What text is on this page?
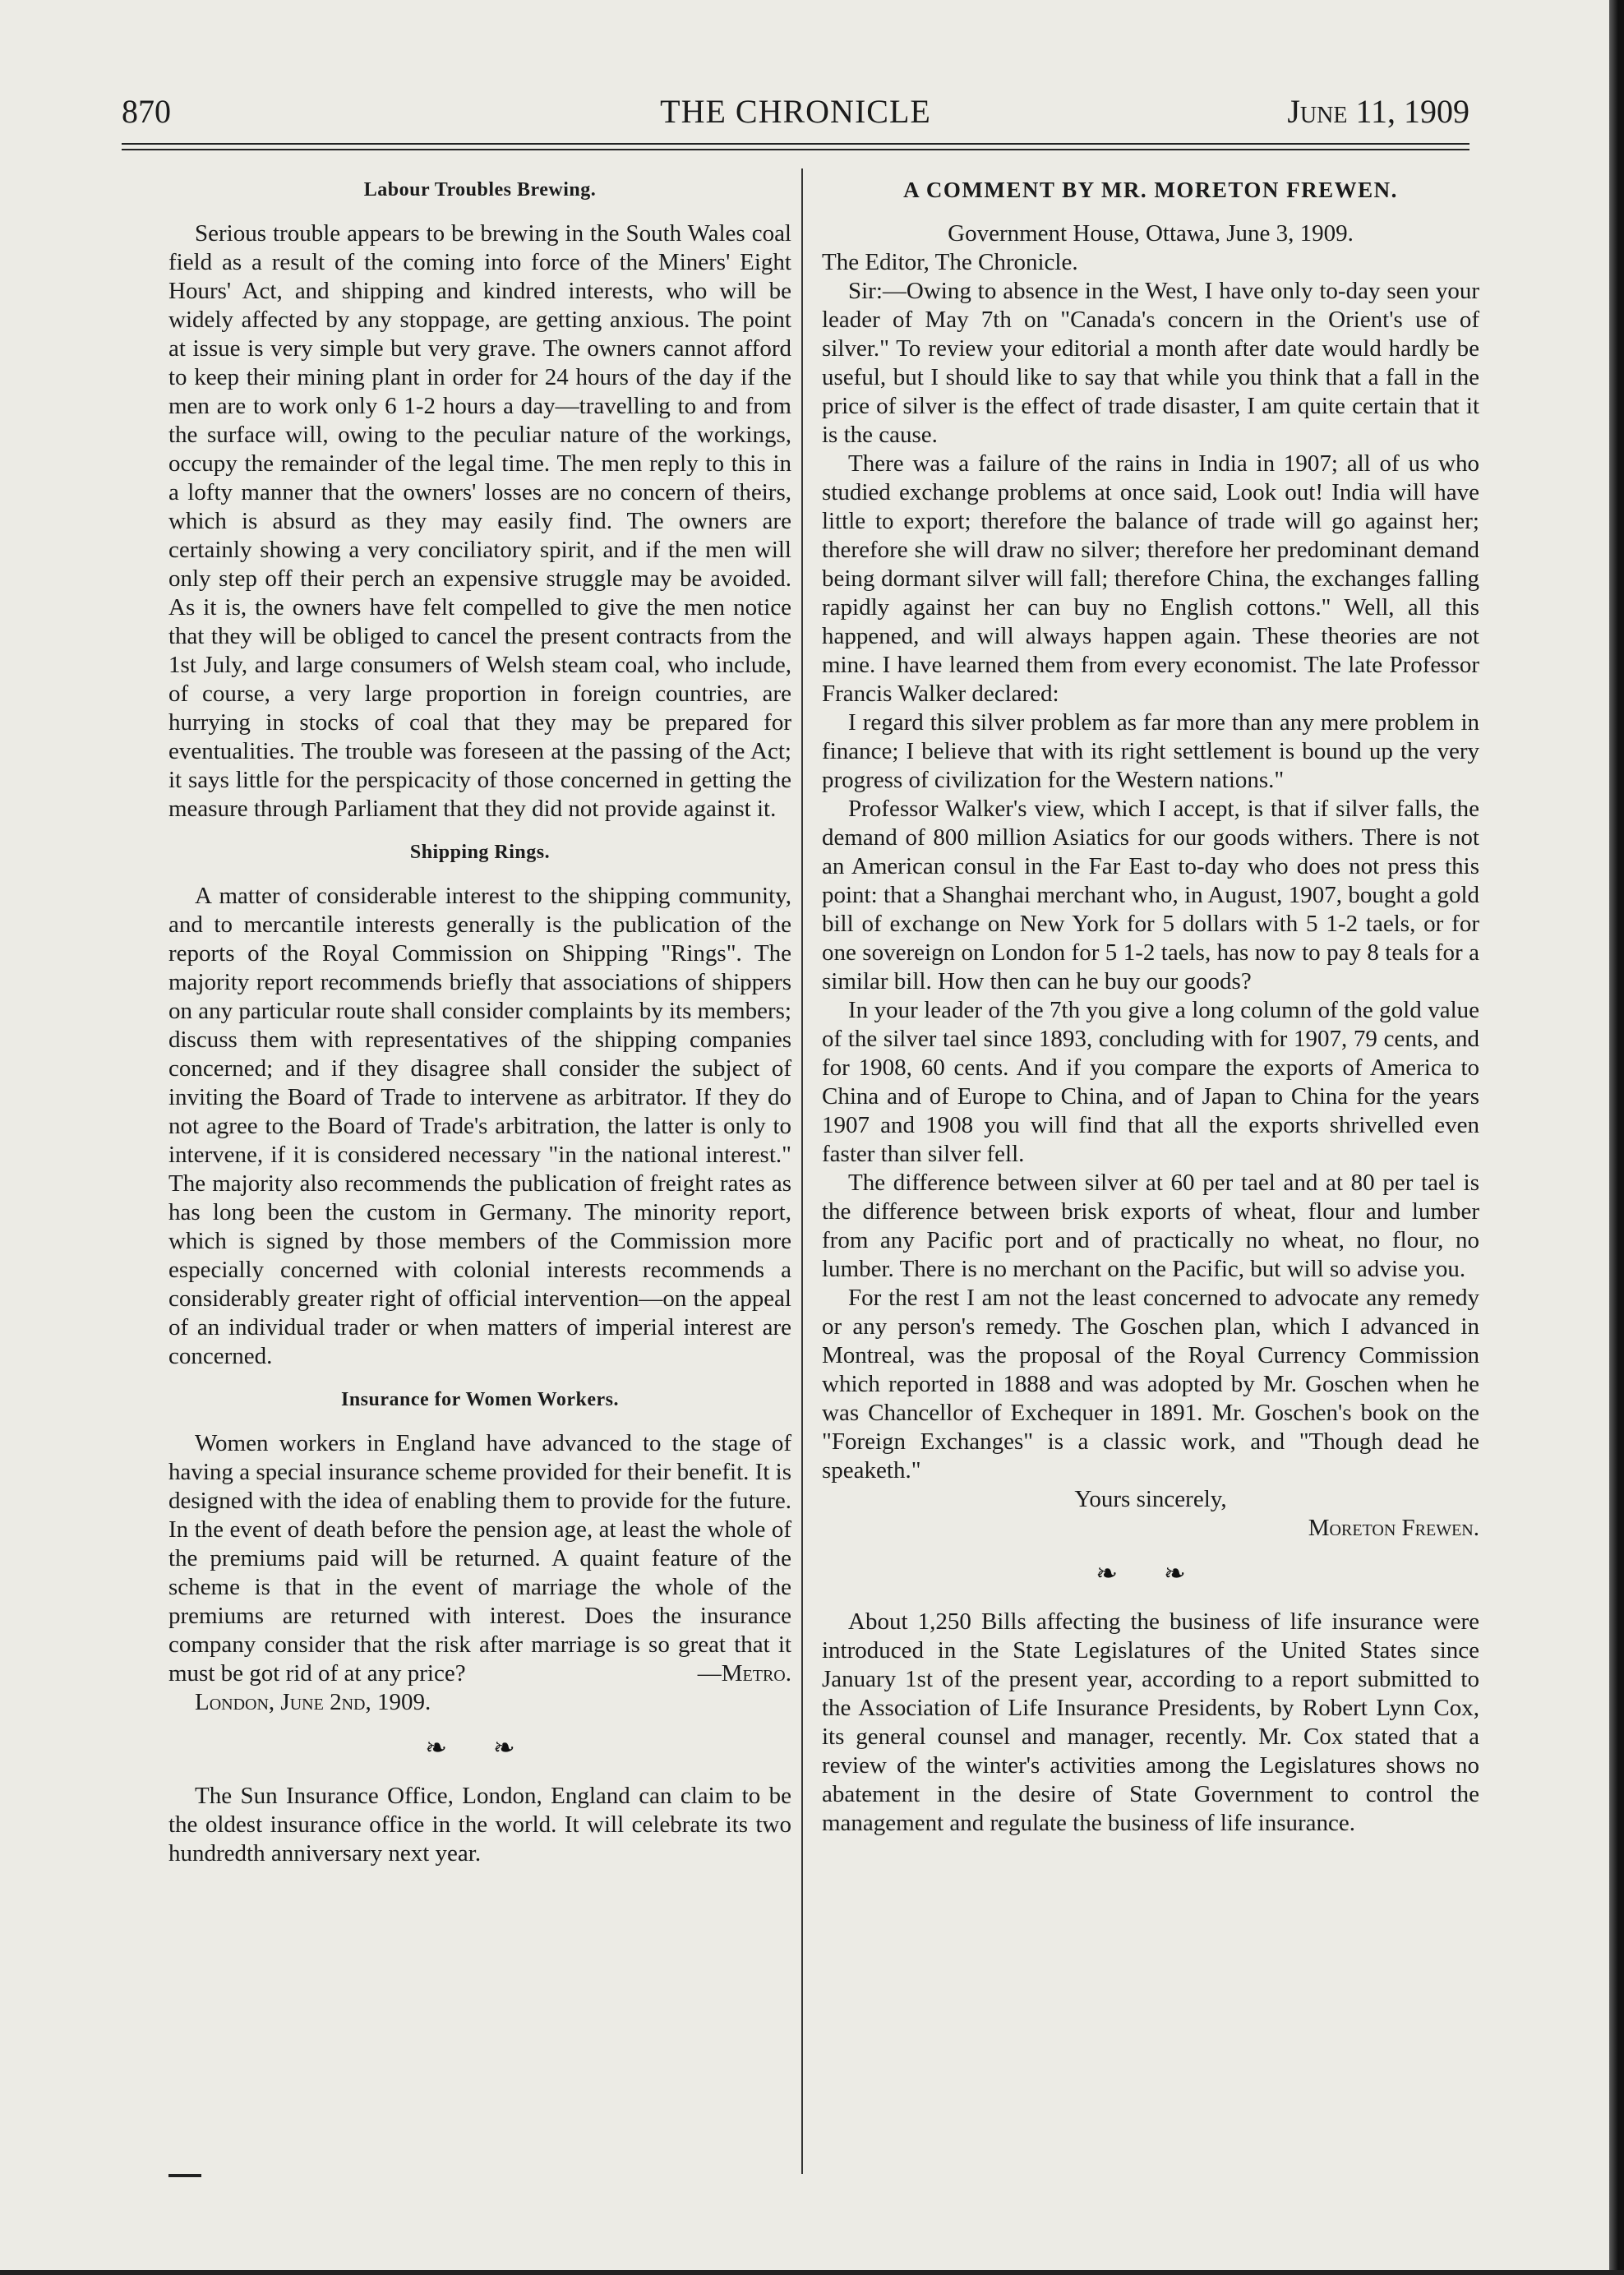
870	THE CHRONICLE	June 11, 1909
Labour Troubles Brewing.

Serious trouble appears to be brewing in the South Wales coal field as a result of the coming into force of the Miners' Eight Hours' Act, and shipping and kindred interests, who will be widely affected by any stoppage, are getting anxious. The point at issue is very simple but very grave. The owners cannot afford to keep their mining plant in order for 24 hours of the day if the men are to work only 6 1-2 hours a day—travelling to and from the surface will, owing to the peculiar nature of the workings, occupy the remainder of the legal time. The men reply to this in a lofty manner that the owners' losses are no concern of theirs, which is absurd as they may easily find. The owners are certainly showing a very conciliatory spirit, and if the men will only step off their perch an expensive struggle may be avoided. As it is, the owners have felt compelled to give the men notice that they will be obliged to cancel the present contracts from the 1st July, and large consumers of Welsh steam coal, who include, of course, a very large proportion in foreign countries, are hurrying in stocks of coal that they may be prepared for eventualities. The trouble was foreseen at the passing of the Act; it says little for the perspicacity of those concerned in getting the measure through Parliament that they did not provide against it.

Shipping Rings.

A matter of considerable interest to the shipping community, and to mercantile interests generally is the publication of the reports of the Royal Commission on Shipping "Rings". The majority report recommends briefly that associations of shippers on any particular route shall consider complaints by its members; discuss them with representatives of the shipping companies concerned; and if they disagree shall consider the subject of inviting the Board of Trade to intervene as arbitrator. If they do not agree to the Board of Trade's arbitration, the latter is only to intervene, if it is considered necessary "in the national interest." The majority also recommends the publication of freight rates as has long been the custom in Germany. The minority report, which is signed by those members of the Commission more especially concerned with colonial interests recommends a considerably greater right of official intervention—on the appeal of an individual trader or when matters of imperial interest are concerned.

Insurance for Women Workers.

Women workers in England have advanced to the stage of having a special insurance scheme provided for their benefit. It is designed with the idea of enabling them to provide for the future. In the event of death before the pension age, at least the whole of the premiums paid will be returned. A quaint feature of the scheme is that in the event of marriage the whole of the premiums are returned with interest. Does the insurance company consider that the risk after marriage is so great that it must be got rid of at any price?	—Metro.

London, June 2nd, 1909.

❧ ❧

The Sun Insurance Office, London, England can claim to be the oldest insurance office in the world. It will celebrate its two hundredth anniversary next year.

A COMMENT BY MR. MORETON FREWEN.

Government House, Ottawa, June 3, 1909.

The Editor, The Chronicle.

Sir:—Owing to absence in the West, I have only to-day seen your leader of May 7th on "Canada's concern in the Orient's use of silver." To review your editorial a month after date would hardly be useful, but I should like to say that while you think that a fall in the price of silver is the effect of trade disaster, I am quite certain that it is the cause.

There was a failure of the rains in India in 1907; all of us who studied exchange problems at once said, Look out! India will have little to export; therefore the balance of trade will go against her; therefore she will draw no silver; therefore her predominant demand being dormant silver will fall; therefore China, the exchanges falling rapidly against her can buy no English cottons." Well, all this happened, and will always happen again. These theories are not mine. I have learned them from every economist. The late Professor Francis Walker declared:

I regard this silver problem as far more than any mere problem in finance; I believe that with its right settlement is bound up the very progress of civilization for the Western nations."

Professor Walker's view, which I accept, is that if silver falls, the demand of 800 million Asiatics for our goods withers. There is not an American consul in the Far East to-day who does not press this point: that a Shanghai merchant who, in August, 1907, bought a gold bill of exchange on New York for 5 dollars with 5 1-2 taels, or for one sovereign on London for 5 1-2 taels, has now to pay 8 teals for a similar bill. How then can he buy our goods?

In your leader of the 7th you give a long column of the gold value of the silver tael since 1893, concluding with for 1907, 79 cents, and for 1908, 60 cents. And if you compare the exports of America to China and of Europe to China, and of Japan to China for the years 1907 and 1908 you will find that all the exports shrivelled even faster than silver fell.

The difference between silver at 60 per tael and at 80 per tael is the difference between brisk exports of wheat, flour and lumber from any Pacific port and of practically no wheat, no flour, no lumber. There is no merchant on the Pacific, but will so advise you.

For the rest I am not the least concerned to advocate any remedy or any person's remedy. The Goschen plan, which I advanced in Montreal, was the proposal of the Royal Currency Commission which reported in 1888 and was adopted by Mr. Goschen when he was Chancellor of Exchequer in 1891. Mr. Goschen's book on the "Foreign Exchanges" is a classic work, and "Though dead he speaketh."

Yours sincerely,

Moreton Frewen.

❧ ❧

About 1,250 Bills affecting the business of life insurance were introduced in the State Legislatures of the United States since January 1st of the present year, according to a report submitted to the Association of Life Insurance Presidents, by Robert Lynn Cox, its general counsel and manager, recently. Mr. Cox stated that a review of the winter's activities among the Legislatures shows no abatement in the desire of State Government to control the management and regulate the business of life insurance.
